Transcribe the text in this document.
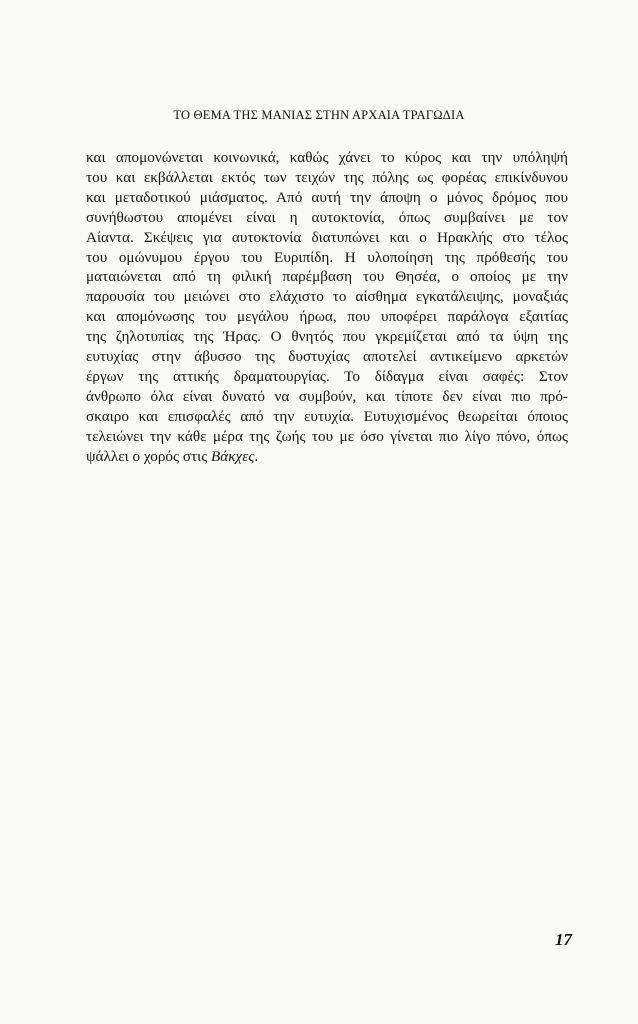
ΤΟ ΘΕΜΑ ΤΗΣ ΜΑΝΙΑΣ ΣΤΗΝ ΑΡΧΑΙΑ ΤΡΑΓΩΔΙΑ
και απομονώνεται κοινωνικά, καθώς χάνει το κύρος και την υπόληψή
του και εκβάλλεται εκτός των τειχών της πόλης ως φορέας επικίνδυνου
και μεταδοτικού μιάσματος. Από αυτή την άποψη ο μόνος δρόμος που
συνήθωστου απομένει είναι η αυτοκτονία, όπως συμβαίνει με τον
Αίαντα. Σκέψεις για αυτοκτονία διατυπώνει και ο Ηρακλής στο τέλος
του ομώνυμου έργου του Ευριπίδη. Η υλοποίηση της πρόθεσής του
ματαιώνεται από τη φιλική παρέμβαση του Θησέα, ο οποίος με την
παρουσία του μειώνει στο ελάχιστο το αίσθημα εγκατάλειψης, μοναξιάς
και απομόνωσης του μεγάλου ήρωα, που υποφέρει παράλογα εξαιτίας
της ζηλοτυπίας της Ήρας. Ο θνητός που γκρεμίζεται από τα ύψη της
ευτυχίας στην άβυσσο της δυστυχίας αποτελεί αντικείμενο αρκετών
έργων της αττικής δραματουργίας. Το δίδαγμα είναι σαφές: Στον
άνθρωπο όλα είναι δυνατό να συμβούν, και τίποτε δεν είναι πιο πρό-
σκαιρο και επισφαλές από την ευτυχία. Ευτυχισμένος θεωρείται όποιος
τελειώνει την κάθε μέρα της ζωής του με όσο γίνεται πιο λίγο πόνο, όπως
ψάλλει ο χορός στις Βάκχες.
17
